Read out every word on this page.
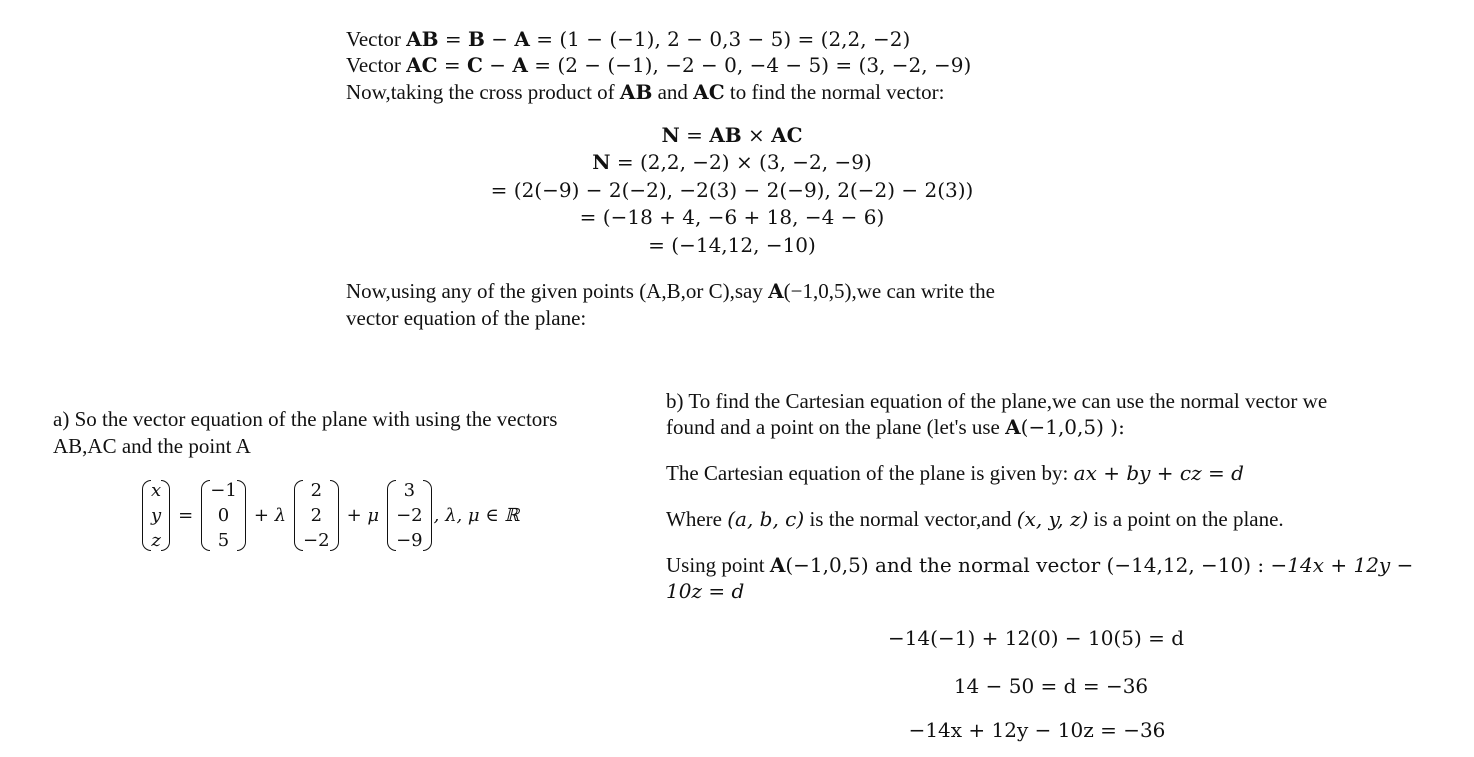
Vector AB = B − A = (1 − (−1), 2 − 0,3 − 5) = (2,2, −2)
Vector AC = C − A = (2 − (−1), −2 − 0, −4 − 5) = (3, −2, −9)
Now,taking the cross product of AB and AC to find the normal vector:
N = AB × AC
N = (2,2, −2) × (3, −2, −9)
= (2(−9) − 2(−2), −2(3) − 2(−9), 2(−2) − 2(3))
= (−18 + 4, −6 + 18, −4 − 6)
= (−14,12, −10)
Now,using any of the given points (A,B,or C),say A(−1,0,5),we can write the
vector equation of the plane:
a) So the vector equation of the plane with using the vectors
AB,AC and the point A
x
y
z
=
−1
0
5
+ λ
2
2
−2
+ μ
3
−2
−9
, λ, μ ∈ ℝ
b) To find the Cartesian equation of the plane,we can use the normal vector we
found and a point on the plane (let's use A(−1,0,5) ):
The Cartesian equation of the plane is given by: ax + by + cz = d
Where (a, b, c) is the normal vector,and (x, y, z) is a point on the plane.
Using point A(−1,0,5) and the normal vector (−14,12, −10) : −14x + 12y −
10z = d
−14(−1) + 12(0) − 10(5) = d
14 − 50 = d = −36
−14x + 12y − 10z = −36
